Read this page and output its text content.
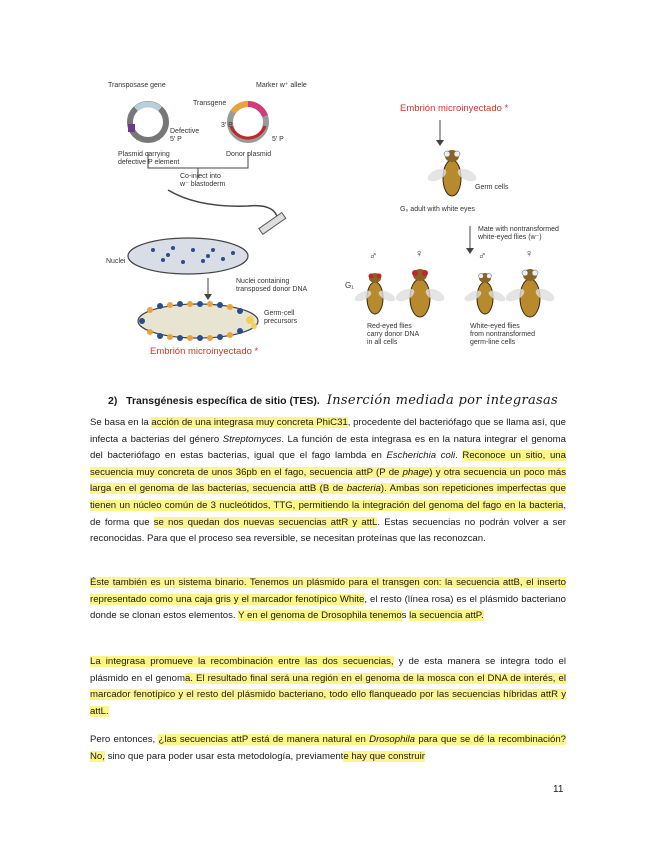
Transposase gene	Marker w⁺ allele
Transgene
Defective
5′ P
3′ P
5′ P
Plasmid carrying
defective P element
Donor plasmid
Co-inject into
w⁻ blastoderm
Nuclei
Nuclei containing
transposed donor DNA
Germ-cell
precursors
Embrión microinyectado *
Embrión microinyectado *
Germ cells
G₀ adult with white eyes
Mate with nontransformed
white-eyed flies (w⁻)
G₁
♂	♀	♂	♀
Red-eyed flies
carry donor DNA
in all cells
White-eyed flies
from nontransformed
germ-line cells
2) Transgénesis específica de sitio (TES). Inserción mediada por integrasas
Se basa en la acción de una integrasa muy concreta PhiC31, procedente del bacteriófago que se llama así, que infecta a bacterias del género Streptomyces. La función de esta integrasa es en la natura integrar el genoma del bacteriófago en estas bacterias, igual que el fago lambda en Escherichia coli. Reconoce un sitio, una secuencia muy concreta de unos 36pb en el fago, secuencia attP (P de phage) y otra secuencia un poco más larga en el genoma de las bacterias, secuencia attB (B de bacteria). Ambas son repeticiones imperfectas que tienen un núcleo común de 3 nucleótidos, TTG, permitiendo la integración del genoma del fago en la bacteria, de forma que se nos quedan dos nuevas secuencias attR y attL. Estas secuencias no podrán volver a ser reconocidas. Para que el proceso sea reversible, se necesitan proteínas que las reconozcan.
Éste también es un sistema binario. Tenemos un plásmido para el transgen con: la secuencia attB, el inserto representado como una caja gris y el marcador fenotípico White, el resto (línea rosa) es el plásmido bacteriano donde se clonan estos elementos. Y en el genoma de Drosophila tenemos la secuencia attP.
La integrasa promueve la recombinación entre las dos secuencias, y de esta manera se integra todo el plásmido en el genoma. El resultado final será una región en el genoma de la mosca con el DNA de interés, el marcador fenotípico y el resto del plásmido bacteriano, todo ello flanqueado por las secuencias híbridas attR y attL.
Pero entonces, ¿las secuencias attP está de manera natural en Drosophila para que se dé la recombinación? No, sino que para poder usar esta metodología, previamente hay que construir
11
